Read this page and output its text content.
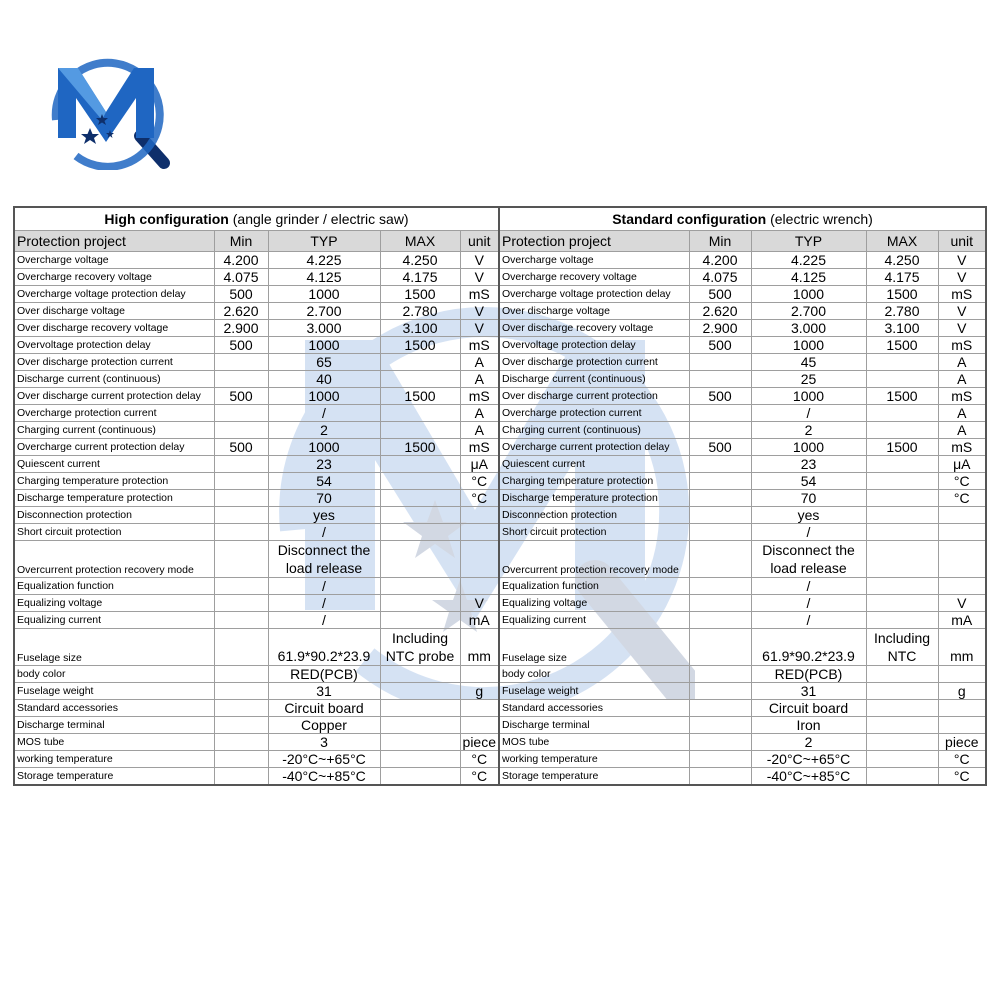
High configuration (angle grinder / electric saw)				
Protection project	Min	TYP	MAX	unit
Overcharge voltage	4.200	4.225	4.250	V
Overcharge recovery voltage	4.075	4.125	4.175	V
Overcharge voltage protection delay	500	1000	1500	mS
Over discharge voltage	2.620	2.700	2.780	V
Over discharge recovery voltage	2.900	3.000	3.100	V
Overvoltage protection delay	500	1000	1500	mS
Over discharge protection current		65		A
Discharge current (continuous)		40		A
Over discharge current protection delay	500	1000	1500	mS
Overcharge protection current		/		A
Charging current (continuous)		2		A
Overcharge current protection delay	500	1000	1500	mS
Quiescent current		23		μA
Charging temperature protection		54		°C
Discharge temperature protection		70		°C
Disconnection protection		yes		
Short circuit protection		/		
Overcurrent protection recovery mode		Disconnect the load release		
Equalization function		/		
Equalizing voltage		/		V
Equalizing current		/		mA
Fuselage size		61.9*90.2*23.9	Including NTC probe	mm
body color		RED(PCB)		
Fuselage weight		31		g
Standard accessories		Circuit board		
Discharge terminal		Copper		
MOS tube		3		piece
working temperature		-20°C~+65°C		°C
Storage temperature		-40°C~+85°C		°C
Standard configuration (electric wrench)				
Protection project	Min	TYP	MAX	unit
Overcharge voltage	4.200	4.225	4.250	V
Overcharge recovery voltage	4.075	4.125	4.175	V
Overcharge voltage protection delay	500	1000	1500	mS
Over discharge voltage	2.620	2.700	2.780	V
Over discharge recovery voltage	2.900	3.000	3.100	V
Overvoltage protection delay	500	1000	1500	mS
Over discharge protection current		45		A
Discharge current (continuous)		25		A
Over discharge current protection	500	1000	1500	mS
Overcharge protection current		/		A
Charging current (continuous)		2		A
Overcharge current protection delay	500	1000	1500	mS
Quiescent current		23		μA
Charging temperature protection		54		°C
Discharge temperature protection		70		°C
Disconnection protection		yes		
Short circuit protection		/		
Overcurrent protection recovery mode		Disconnect the load release		
Equalization function		/		
Equalizing voltage		/		V
Equalizing current		/		mA
Fuselage size		61.9*90.2*23.9	Including NTC	mm
body color		RED(PCB)		
Fuselage weight		31		g
Standard accessories		Circuit board		
Discharge terminal		Iron		
MOS tube		2		piece
working temperature		-20°C~+65°C		°C
Storage temperature		-40°C~+85°C		°C
